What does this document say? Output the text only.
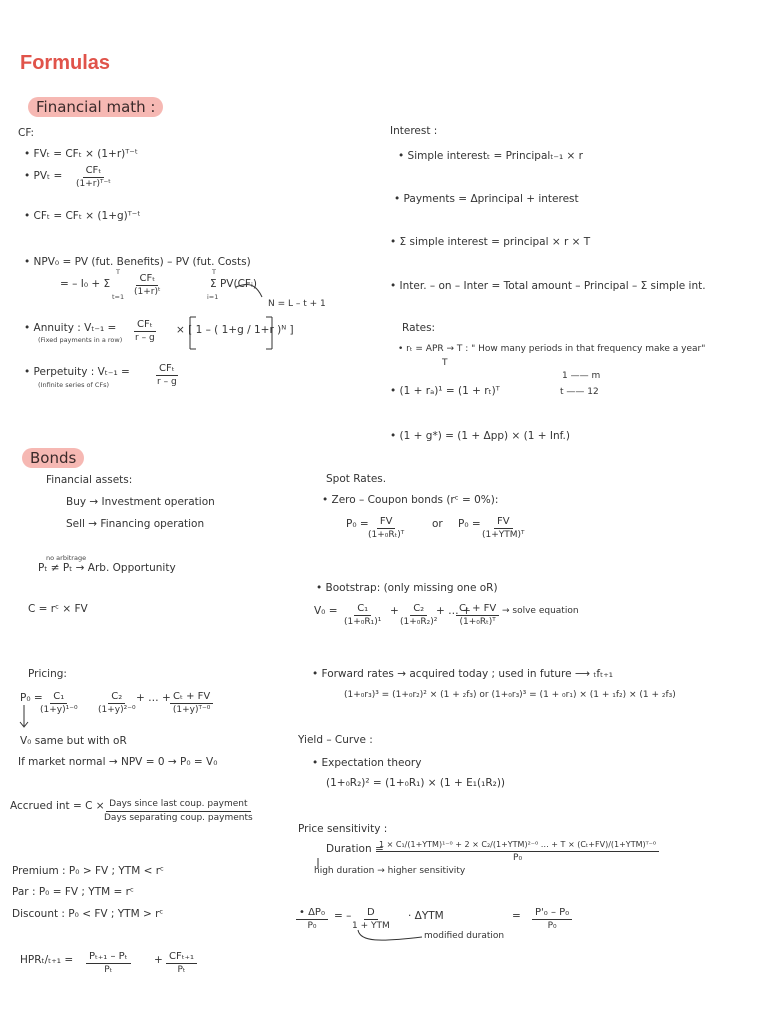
Formulas
Financial math :
CF:
• FVₜ = CFₜ × (1+r)ᵀ⁻ᵗ
• PVₜ =	CFₜ
(1+r)ᵀ⁻ᵗ
• CFₜ = CFₜ × (1+g)ᵀ⁻ᵗ
• NPV₀ = PV (fut. Benefits) – PV (fut. Costs)
T	T
= – I₀ + Σ	CFₜ
(1+r)ᵗ
Σ PV(CFᵢ)
t=1	i=1
• Annuity : Vₜ₋₁ =
(Fixed payments in a row)
CFₜ
r – g
× [ 1 – ( 1+g / 1+r )ᴺ ]
N = L – t + 1
• Perpetuity : Vₜ₋₁ =
(Infinite series of CFs)
CFₜ
r – g
Interest :
• Simple interestₜ = Principalₜ₋₁ × r
• Payments = Δprincipal + interest
• Σ simple interest = principal × r × T
• Inter. – on – Inter = Total amount – Principal – Σ simple int.
Rates:
• rₜ = APR → T : " How many periods in that frequency make a year"
T
• (1 + rₐ)¹ = (1 + rₜ)ᵀ
1 —— m
t —— 12
• (1 + g*) = (1 + Δpp) × (1 + Inf.)
Bonds
Financial assets:
Buy → Investment operation
Sell → Financing operation
no arbitrage
Pₜ ≠ Pₜ → Arb. Opportunity
C = rᶜ × FV
Pricing:
P₀ =
$\frac{\text{C₁}}{\text{(1+y)¹⁻⁰}} \frac{\text{C₂}}{\text{(1+y)²⁻⁰}}$ + … + $\frac{\text{Cₜ + FV}}{\text{(1+y)ᵀ⁻⁰}}$
V₀ same but with oR
If market normal → NPV = 0 → P₀ = V₀
Accrued int = C × Days since last coup. payment
Days separating coup. payments
Premium : P₀ > FV ; YTM < rᶜ
Par : P₀ = FV ; YTM = rᶜ
Discount : P₀ < FV ; YTM > rᶜ
$HPR_t/_{t+1} = \frac{\text{Pₜ₊₁ – Pₜ}}{\text{Pₜ}} + CF_{t+1}$
Pₜ
Spot Rates.
• Zero – Coupon bonds (rᶜ = 0%):
$P_0 = \frac{FV}{\text{(1+₀Rₜ)ᵀ}}$	or P₀ =	FV
(1+YTM)ᵀ
• Bootstrap: (only missing one oR)
$V_0 = \frac{\text{C₁}}{\text{(1+₀R₁)¹}} + \frac{\text{C₂}}{\text{(1+₀R₂)²}}$
+ … +
$\frac{\text{Cₜ + FV}}{\text{(1+₀Rₜ)ᵀ}}$ → solve equation
• Forward rates → acquired today ; used in future ⟶ ₜfₜ₊₁
(1+₀r₃)³ = (1+₀r₂)² × (1 + ₂f₃) or (1+₀r₃)³ = (1 + ₀r₁) × (1 + ₁f₂) × (1 + ₂f₃)
Yield – Curve :
• Expectation theory
(1+₀R₂)² = (1+₀R₁) × (1 + E₁(₁R₂))
Price sensitivity :
Duration =
1 × C₁/(1+YTM)¹⁻⁰ + 2 × C₂/(1+YTM)²⁻⁰ … + T × (Cₜ+FV)/(1+YTM)ᵀ⁻⁰
P₀
high duration → higher sensitivity
$\frac{\text{• ΔP₀}}{\text{P₀}}$ = –	D
1 + YTM
· ΔYTM	= $\frac{\text{P'₀ – P₀}}{\text{P₀}}$
modified duration
